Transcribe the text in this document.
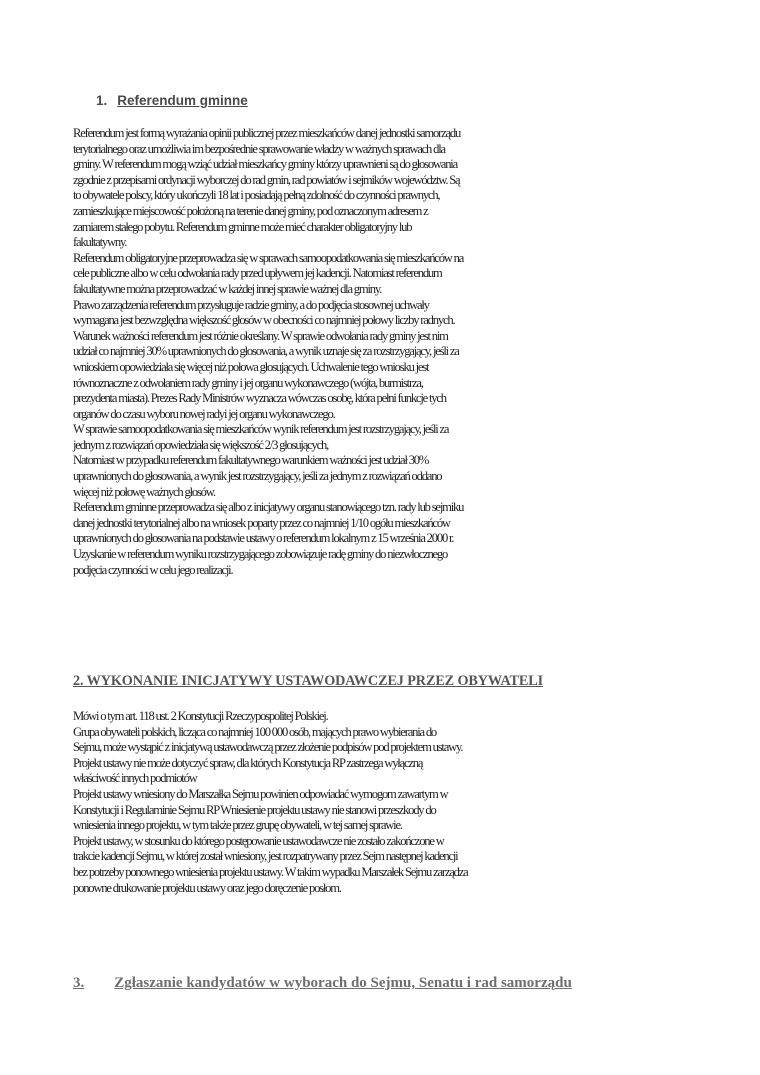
1. Referendum gminne

Referendum jest formą wyrażania opinii publicznej przez mieszkańców danej jednostki samorządu

terytorialnego oraz umożliwia im bezpośrednie sprawowanie władzy w ważnych sprawach dla

gminy. W referendum mogą wziąć udział mieszkańcy gminy którzy uprawnieni są do głosowania

zgodnie z przepisami ordynacji wyborczej do rad gmin, rad powiatów i sejmików województw. Są

to obywatele polscy, który ukończyli 18 lat i posiadają pełną zdolność do czynności prawnych,

zamieszkujące miejscowość położoną na terenie danej gminy, pod oznaczonym adresem z

zamiarem stałego pobytu. Referendum gminne może mieć charakter obligatoryjny lub

fakultatywny.

Referendum obligatoryjne przeprowadza się w sprawach samoopodatkowania się mieszkańców na

cele publiczne albo w celu odwołania rady przed upływem jej kadencji. Natomiast referendum

fakultatywne można przeprowadzać w każdej innej sprawie ważnej dla gminy.

Prawo zarządzenia referendum przysługuje radzie gminy, a do podjęcia stosownej uchwały

wymagana jest bezwzględna większość głosów w obecności co najmniej połowy liczby radnych.

Warunek ważności referendum jest różnie określany. W sprawie odwołania rady gminy jest nim

udział co najmniej 30% uprawnionych do głosowania, a wynik uznaje się za rozstrzygający, jeśli za

wnioskiem opowiedziała się więcej niż połowa głosujących. Uchwalenie tego wniosku jest

równoznaczne z odwołaniem rady gminy i jej organu wykonawczego (wójta, burmistrza,

prezydenta miasta). Prezes Rady Ministrów wyznacza wówczas osobę, która pełni funkcje tych

organów do czasu wyboru nowej radyi jej organu wykonawczego.

W sprawie samoopodatkowania się mieszkańców wynik referendum jest rozstrzygający, jeśli za

jednym z rozwiązań opowiedziała się większość 2/3 głosujących,

Natomiast w przypadku referendum fakultatywnego warunkiem ważności jest udział 30%

uprawnionych do głosowania, a wynik jest rozstrzygający, jeśli za jednym z rozwiązań oddano

więcej niż połowę ważnych głosów.

Referendum gminne przeprowadza się albo z inicjatywy organu stanowiącego tzn. rady lub sejmiku

danej jednostki terytorialnej albo na wniosek poparty przez co najmniej 1/10 ogółu mieszkańców

uprawnionych do głosowania na podstawie ustawy o referendum lokalnym z 15 września 2000 r.

Uzyskanie w referendum wyniku rozstrzygającego zobowiązuje radę gminy do niezwłocznego

podjęcia czynności w celu jego realizacji.

2. WYKONANIE INICJATYWY USTAWODAWCZEJ PRZEZ OBYWATELI

Mówi o tym art. 118 ust. 2 Konstytucji Rzeczypospolitej Polskiej.

Grupa obywateli polskich, licząca co najmniej 100 000 osób, mających prawo wybierania do

Sejmu, może wystąpić z inicjatywą ustawodawczą przez złożenie podpisów pod projektem ustawy.

Projekt ustawy nie może dotyczyć spraw, dla których Konstytucja RP zastrzega wyłączną

właściwość innych podmiotów

Projekt ustawy wniesiony do Marszałka Sejmu powinien odpowiadać wymogom zawartym w

Konstytucji i Regulaminie Sejmu RP Wniesienie projektu ustawy nie stanowi przeszkody do

wniesienia innego projektu, w tym także przez grupę obywateli, w tej samej sprawie.

Projekt ustawy, w stosunku do którego postępowanie ustawodawcze nie zostało zakończone w

trakcie kadencji Sejmu, w której został wniesiony, jest rozpatrywany przez Sejm następnej kadencji

bez potrzeby ponownego wniesienia projektu ustawy. W takim wypadku Marszałek Sejmu zarządza

ponowne drukowanie projektu ustawy oraz jego doręczenie posłom.

3. Zgłaszanie kandydatów w wyborach do Sejmu, Senatu i rad samorządu
